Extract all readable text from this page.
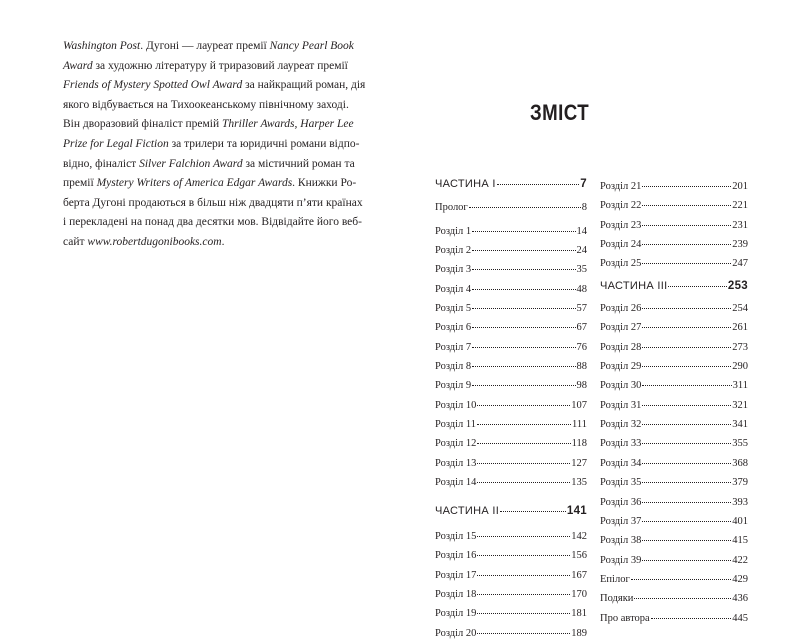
Washington Post. Дугоні — лауреат премії Nancy Pearl Book
Award за художню літературу й триразовий лауреат премії
Friends of Mystery Spotted Owl Award за найкращий роман, дія
якого відбувається на Тихоокеанському північному заході.
Він дворазовий фіналіст премій Thriller Awards, Harper Lee
Prize for Legal Fiction за трилери та юридичні романи відпо-
відно, фіналіст Silver Falchion Award за містичний роман та
премії Mystery Writers of America Edgar Awards. Книжки Ро-
берта Дугоні продаються в більш ніж двадцяти п’яти країнах
і перекладені на понад два десятки мов. Відвідайте його веб-
сайт www.robertdugonibooks.com.

ЗМІСТ
ЧАСТИНА І	7
Пролог	8
Розділ 1	14
Розділ 2	24
Розділ 3	35
Розділ 4	48
Розділ 5	57
Розділ 6	67
Розділ 7	76
Розділ 8	88
Розділ 9	98
Розділ 10	107
Розділ 11	111
Розділ 12	118
Розділ 13	127
Розділ 14	135
ЧАСТИНА ІІ	141
Розділ 15	142
Розділ 16	156
Розділ 17	167
Розділ 18	170
Розділ 19	181
Розділ 20	189
Розділ 21	201
Розділ 22	221
Розділ 23	231
Розділ 24	239
Розділ 25	247
ЧАСТИНА ІІІ	253
Розділ 26	254
Розділ 27	261
Розділ 28	273
Розділ 29	290
Розділ 30	311
Розділ 31	321
Розділ 32	341
Розділ 33	355
Розділ 34	368
Розділ 35	379
Розділ 36	393
Розділ 37	401
Розділ 38	415
Розділ 39	422
Епілог	429
Подяки	436
Про автора	445
